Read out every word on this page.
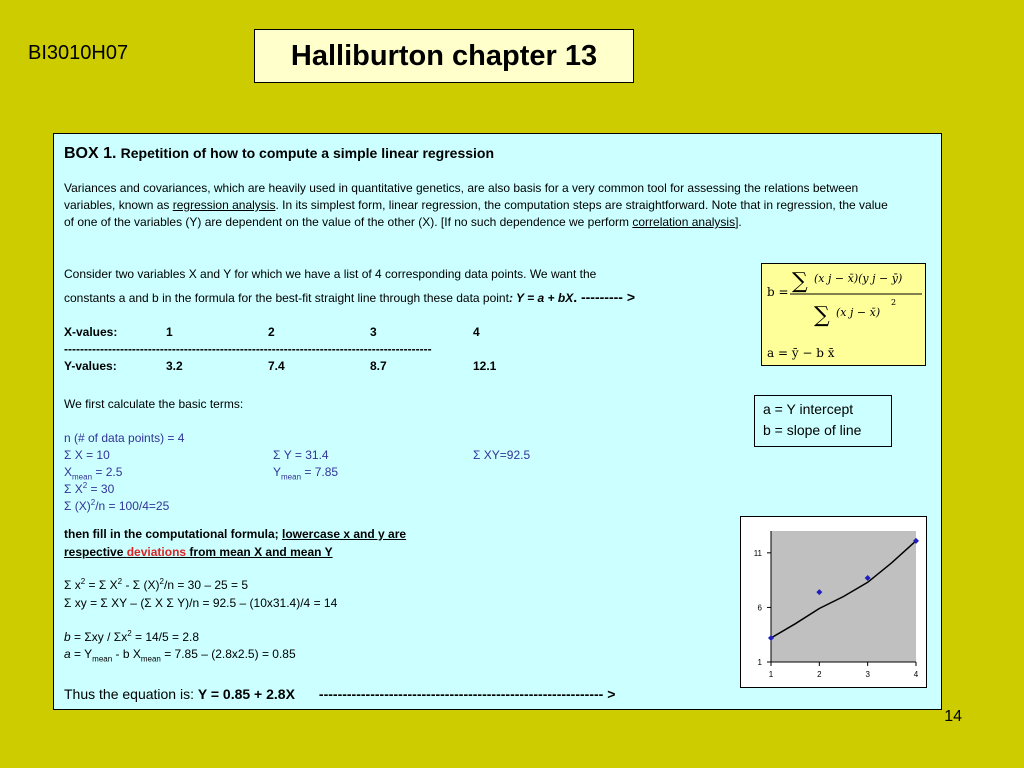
BI3010H07	Halliburton chapter 13
BOX 1. Repetition of how to compute a simple linear regression
Variances and covariances, which are heavily used in quantitative genetics, are also basis for a very common tool for assessing the relations between variables, known as regression analysis. In its simplest form, linear regression, the computation steps are straightforward. Note that in regression, the value of one of the variables (Y) are dependent on the value of the other (X). [If no such dependence we perform correlation analysis].
Consider two variables X and Y for which we have a list of 4 corresponding data points. We want the
constants a and b in the formula for the best-fit straight line through these data point: Y = a + bX. --------- >
X-values:	1	2	3	4
--------------------------------------------------------------------------------------------
Y-values:	3.2	7.4	8.7	12.1
We first calculate the basic terms:
n (# of data points) = 4
Σ X = 10	Σ Y = 31.4	Σ XY=92.5
$X_{mean} = 2.5$	$Y_{mean} = 7.85$
Σ $X^2 = 30$
Σ $(X)^2/n = 100/4=25$
then fill in the computational formula; lowercase x and y are
respective deviations from mean X and mean Y
Σ $x^2 = \Sigma$ $X^2$ - Σ $(X)^2/n = 30 - 25 = 5$
Σ xy = Σ XY – (Σ X Σ Y)/n = 92.5 – (10x31.4)/4 = 14
$b = \Sigma xy / \Sigma x^2 = 14/5 = 2.8$
$a = Y_{mean} - b$ $X_{mean} = 7.85 - (2.8x2.5) = 0.85$
Thus the equation is: Y = 0.85 + 2.8X ------------------------------------------------------------- >
b = ∑ (x j − x̄)(y j − ȳ)
∑ (x j − x̄)
2
a = ȳ − b x̄
a = Y intercept
b = slope of line
1
6
11
1	2	3	4
14
